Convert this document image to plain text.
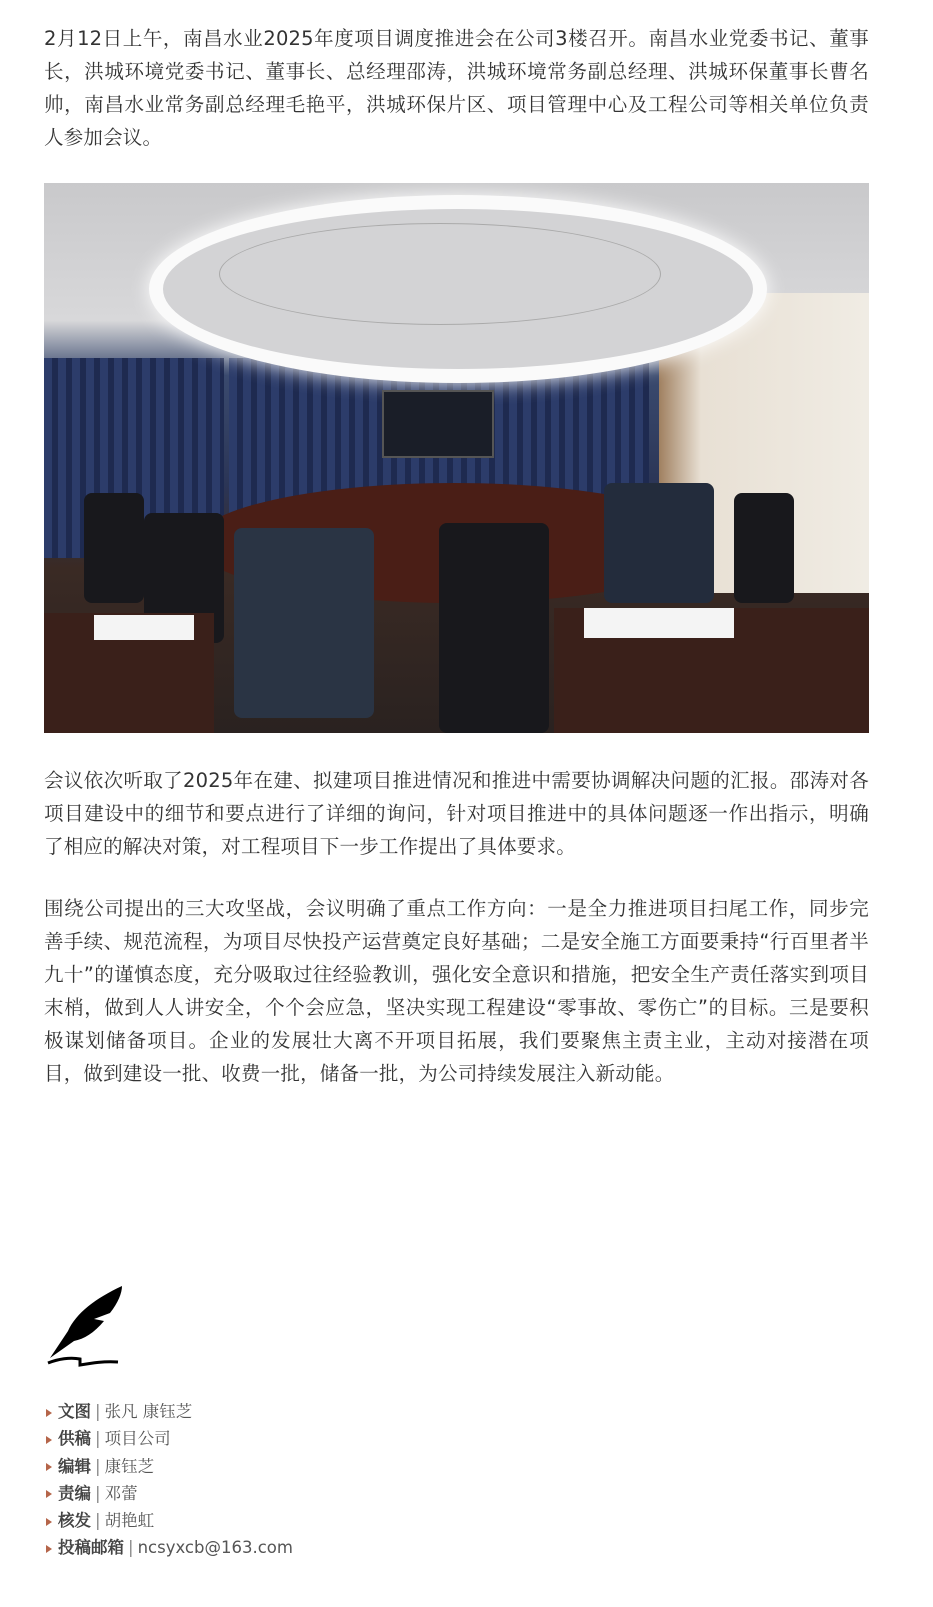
2月12日上午，南昌水业2025年度项目调度推进会在公司3楼召开。南昌水业党委书记、董事长，洪城环境党委书记、董事长、总经理邵涛，洪城环境常务副总经理、洪城环保董事长曹名帅，南昌水业常务副总经理毛艳平，洪城环保片区、项目管理中心及工程公司等相关单位负责人参加会议。

会议依次听取了2025年在建、拟建项目推进情况和推进中需要协调解决问题的汇报。邵涛对各项目建设中的细节和要点进行了详细的询问，针对项目推进中的具体问题逐一作出指示，明确了相应的解决对策，对工程项目下一步工作提出了具体要求。

围绕公司提出的三大攻坚战，会议明确了重点工作方向：一是全力推进项目扫尾工作，同步完善手续、规范流程，为项目尽快投产运营奠定良好基础；二是安全施工方面要秉持“行百里者半九十”的谨慎态度，充分吸取过往经验教训，强化安全意识和措施，把安全生产责任落实到项目末梢，做到人人讲安全，个个会应急，坚决实现工程建设“零事故、零伤亡”的目标。三是要积极谋划储备项目。企业的发展壮大离不开项目拓展，我们要聚焦主责主业，主动对接潜在项目，做到建设一批、收费一批，储备一批，为公司持续发展注入新动能。

文图 | 张凡 康钰芝
供稿 | 项目公司
编辑 | 康钰芝
责编 | 邓蕾
核发 | 胡艳虹
投稿邮箱 | ncsyxcb@163.com
